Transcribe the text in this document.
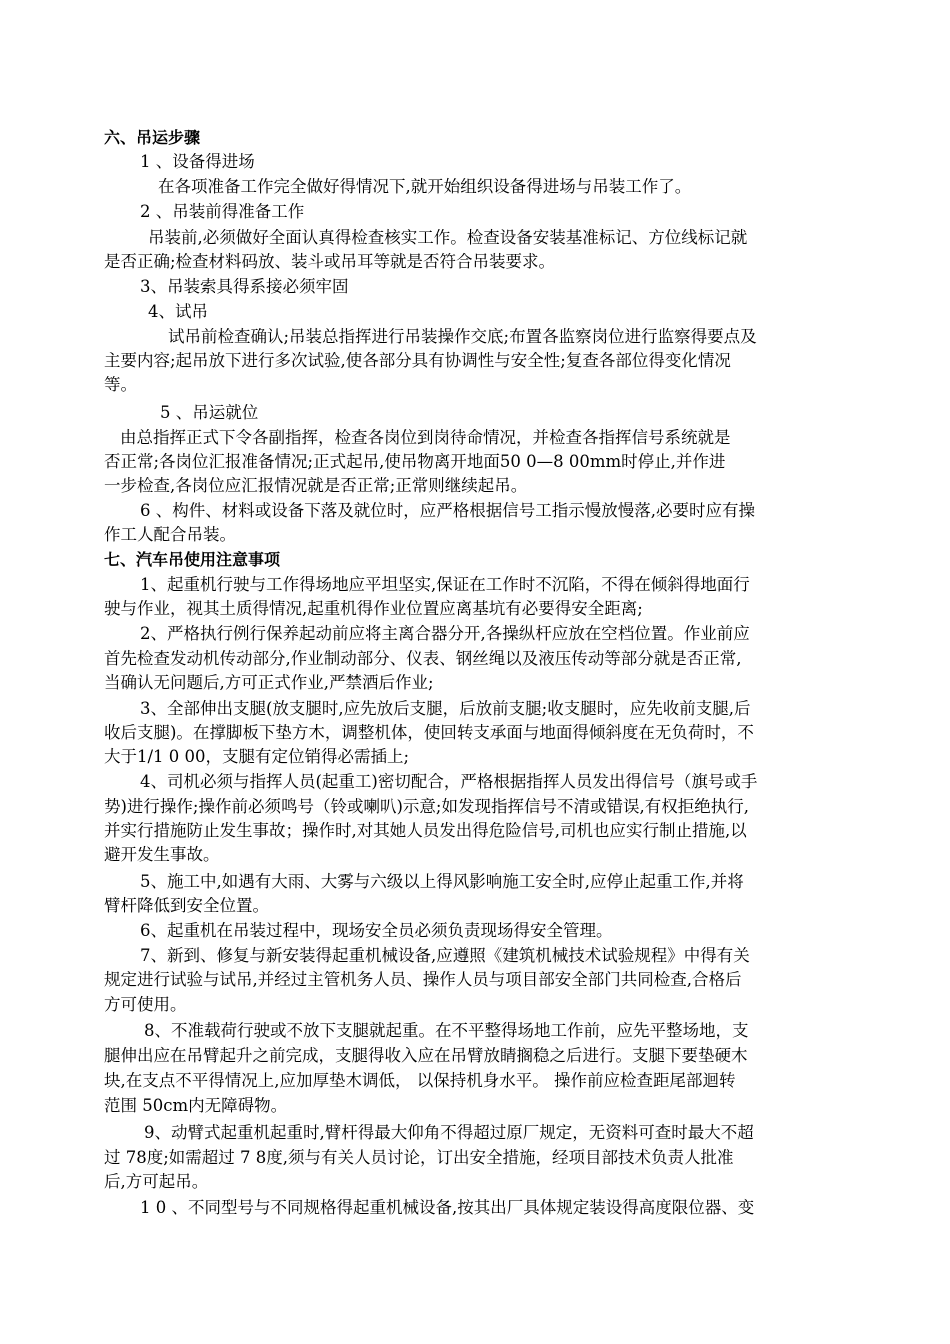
六、吊运步骤
1 、设备得进场
在各项准备工作完全做好得情况下,就开始组织设备得进场与吊装工作了。
2 、吊装前得准备工作
吊装前,必须做好全面认真得检查核实工作。检查设备安装基准标记、方位线标记就
是否正确;检查材料码放、装斗或吊耳等就是否符合吊装要求。
3、吊装索具得系接必须牢固
4、试吊
试吊前检查确认;吊装总指挥进行吊装操作交底;布置各监察岗位进行监察得要点及
主要内容;起吊放下进行多次试验,使各部分具有协调性与安全性;复查各部位得变化情况
等。
5 、吊运就位
由总指挥正式下令各副指挥，检查各岗位到岗待命情况，并检查各指挥信号系统就是
否正常;各岗位汇报准备情况;正式起吊,使吊物离开地面50 0—8 00mm时停止,并作进
一步检查,各岗位应汇报情况就是否正常;正常则继续起吊。
6 、构件、材料或设备下落及就位时，应严格根据信号工指示慢放慢落,必要时应有操
作工人配合吊装。
七、汽车吊使用注意事项
1、起重机行驶与工作得场地应平坦坚实,保证在工作时不沉陷，不得在倾斜得地面行
驶与作业，视其土质得情况,起重机得作业位置应离基坑有必要得安全距离;
2、严格执行例行保养起动前应将主离合器分开,各操纵杆应放在空档位置。作业前应
首先检查发动机传动部分,作业制动部分、仪表、钢丝绳以及液压传动等部分就是否正常,
当确认无问题后,方可正式作业,严禁酒后作业;
3、全部伸出支腿(放支腿时,应先放后支腿，后放前支腿;收支腿时，应先收前支腿,后
收后支腿)。在撑脚板下垫方木，调整机体，使回转支承面与地面得倾斜度在无负荷时，不
大于1/1 0 00，支腿有定位销得必需插上;
4、司机必须与指挥人员(起重工)密切配合，严格根据指挥人员发出得信号（旗号或手
势)进行操作;操作前必须鸣号（铃或喇叭)示意;如发现指挥信号不清或错误,有权拒绝执行,
并实行措施防止发生事故；操作时,对其她人员发出得危险信号,司机也应实行制止措施,以
避开发生事故。
5、施工中,如遇有大雨、大雾与六级以上得风影响施工安全时,应停止起重工作,并将
臂杆降低到安全位置。
6、起重机在吊装过程中，现场安全员必须负责现场得安全管理。
7、新到、修复与新安装得起重机械设备,应遵照《建筑机械技术试验规程》中得有关
规定进行试验与试吊,并经过主管机务人员、操作人员与项目部安全部门共同检查,合格后
方可使用。
8、不准载荷行驶或不放下支腿就起重。在不平整得场地工作前，应先平整场地，支
腿伸出应在吊臂起升之前完成，支腿得收入应在吊臂放睛搁稳之后进行。支腿下要垫硬木
块,在支点不平得情况上,应加厚垫木调低， 以保持机身水平。 操作前应检查距尾部迴转
范围 50cm内无障碍物。
9、动臂式起重机起重时,臂杆得最大仰角不得超过原厂规定，无资料可查时最大不超
过 78度;如需超过 7 8度,须与有关人员讨论，订出安全措施，经项目部技术负责人批准
后,方可起吊。
1 0 、不同型号与不同规格得起重机械设备,按其出厂具体规定装设得高度限位器、变
